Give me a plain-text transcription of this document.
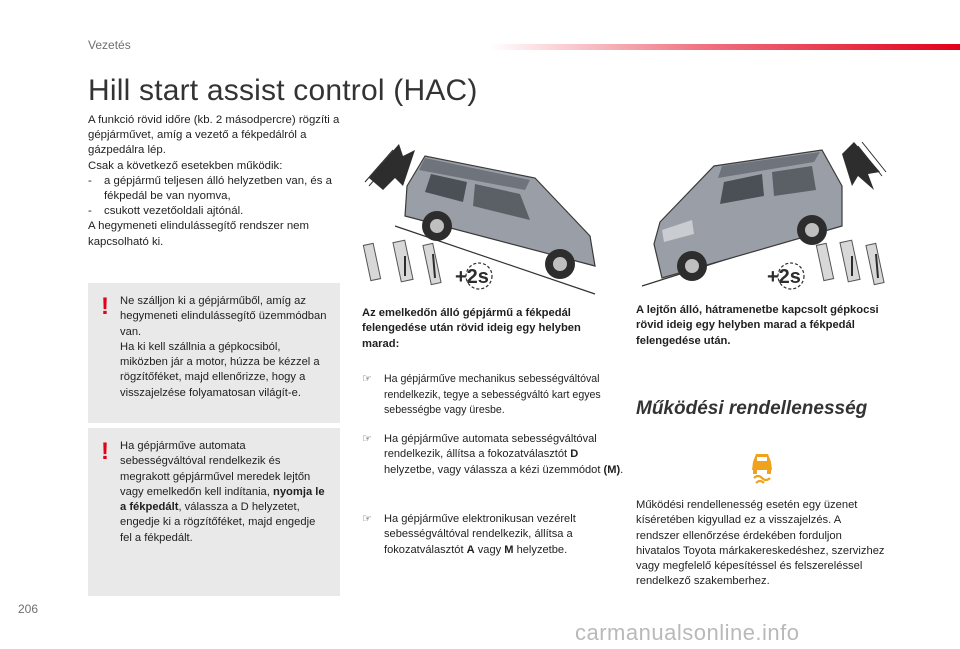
Vezetés
Hill start assist control (HAC)

A funkció rövid időre (kb. 2 másodpercre) rögzíti a gépjárművet, amíg a vezető a fékpedálról a gázpedálra lép.

Csak a következő esetekben működik:

- a gépjármű teljesen álló helyzetben van, és a fékpedál be van nyomva,

- csukott vezetőoldali ajtónál.

A hegymeneti elindulássegítő rendszer nem kapcsolható ki.

! Ne szálljon ki a gépjárműből, amíg az hegymeneti elindulássegítő üzemmódban van.

Ha ki kell szállnia a gépkocsiból, miközben jár a motor, húzza be kézzel a rögzítőféket, majd ellenőrizze, hogy a visszajelzése folyamatosan világít-e.

! Ha gépjárműve automata sebességváltóval rendelkezik és megrakott gépjárművel meredek lejtőn vagy emelkedőn kell indítania, nyomja le a fékpedált, válassza a D helyzetet, engedje ki a rögzítőféket, majd engedje fel a fékpedált.

+2s	+2s
Az emelkedőn álló gépjármű a fékpedál felengedése után rövid ideig egy helyben marad:
A lejtőn álló, hátramenetbe kapcsolt gépkocsi rövid ideig egy helyben marad a fékpedál felengedése után.
☞ Ha gépjárműve mechanikus sebességváltóval rendelkezik, tegye a sebességváltó kart egyes sebességbe vagy üresbe.
☞ Ha gépjárműve automata sebességváltóval rendelkezik, állítsa a fokozatválasztót D helyzetbe, vagy válassza a kézi üzemmódot (M).
☞ Ha gépjárműve elektronikusan vezérelt sebességváltóval rendelkezik, állítsa a fokozatválasztót A vagy M helyzetbe.
Működési rendellenesség
Működési rendellenesség esetén egy üzenet kíséretében kigyullad ez a visszajelzés. A rendszer ellenőrzése érdekében forduljon hivatalos Toyota márkakereskedéshez, szervizhez vagy megfelelő képesítéssel és felszereléssel rendelkező szakemberhez.
206
carmanualsonline.info
